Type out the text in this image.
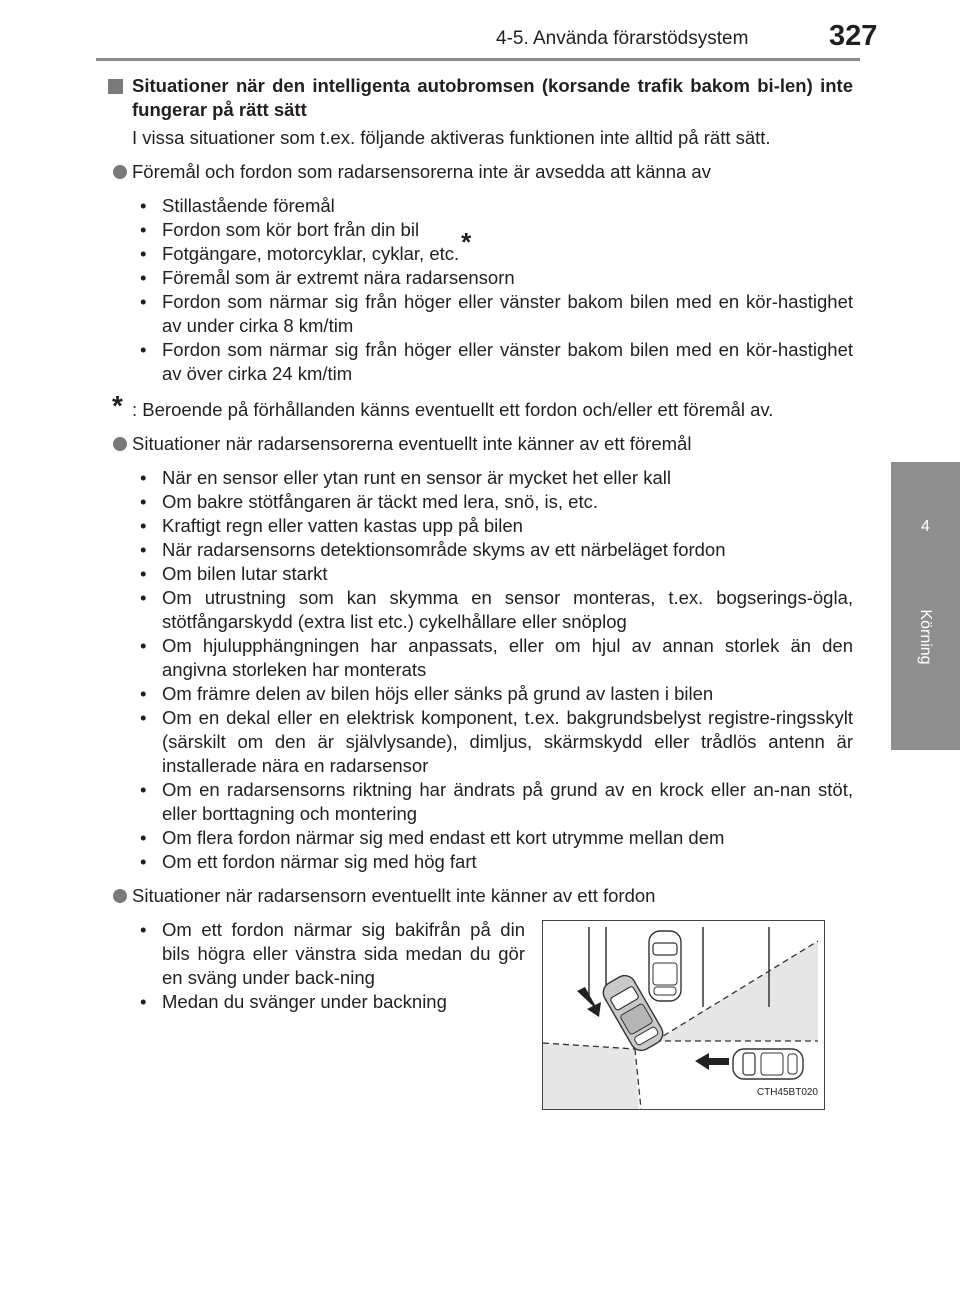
4-5. Använda förarstödsystem	327
4
Körning
Situationer när den intelligenta autobromsen (korsande trafik bakom bi-len) inte fungerar på rätt sätt
I vissa situationer som t.ex. följande aktiveras funktionen inte alltid på rätt sätt.
Föremål och fordon som radarsensorerna inte är avsedda att känna av
• Stillastående föremål
• Fordon som kör bort från din bil
• Fotgängare, motorcyklar, cyklar, etc.*
• Föremål som är extremt nära radarsensorn
• Fordon som närmar sig från höger eller vänster bakom bilen med en kör-hastighet av under cirka 8 km/tim
• Fordon som närmar sig från höger eller vänster bakom bilen med en kör-hastighet av över cirka 24 km/tim
* : Beroende på förhållanden känns eventuellt ett fordon och/eller ett föremål av.
Situationer när radarsensorerna eventuellt inte känner av ett föremål
• När en sensor eller ytan runt en sensor är mycket het eller kall
• Om bakre stötfångaren är täckt med lera, snö, is, etc.
• Kraftigt regn eller vatten kastas upp på bilen
• När radarsensorns detektionsområde skyms av ett närbeläget fordon
• Om bilen lutar starkt
• Om utrustning som kan skymma en sensor monteras, t.ex. bogserings-ögla, stötfångarskydd (extra list etc.) cykelhållare eller snöplog
• Om hjulupphängningen har anpassats, eller om hjul av annan storlek än den angivna storleken har monterats
• Om främre delen av bilen höjs eller sänks på grund av lasten i bilen
• Om en dekal eller en elektrisk komponent, t.ex. bakgrundsbelyst registre-ringsskylt (särskilt om den är självlysande), dimljus, skärmskydd eller trådlös antenn är installerade nära en radarsensor
• Om en radarsensorns riktning har ändrats på grund av en krock eller an-nan stöt, eller borttagning och montering
• Om flera fordon närmar sig med endast ett kort utrymme mellan dem
• Om ett fordon närmar sig med hög fart
Situationer när radarsensorn eventuellt inte känner av ett fordon
• Om ett fordon närmar sig bakifrån på din bils högra eller vänstra sida medan du gör en sväng under back-ning
• Medan du svänger under backning
CTH45BT020
